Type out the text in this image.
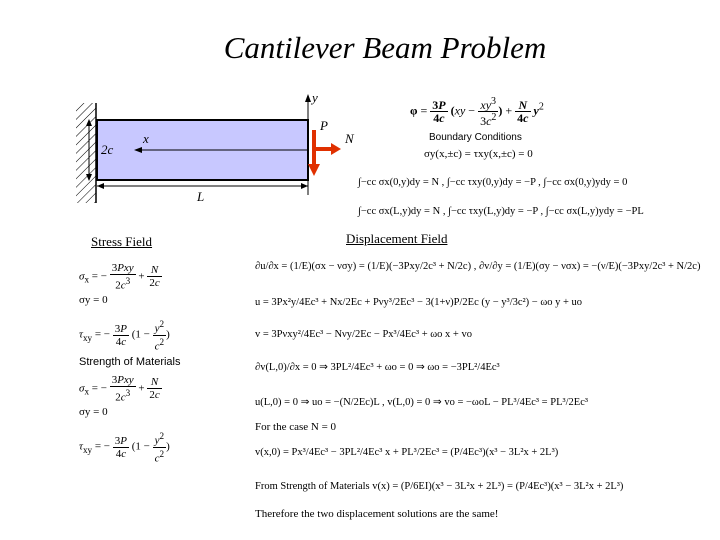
Cantilever Beam Problem
y
x
P
N
2c
L
$\varphi = \frac{3P}{4c} (xy - \frac{xy^3}{3c^2}$ ) + $\frac{N}{4c} y^2$
Boundary Conditions
σy(x,±c) = τxy(x,±c) = 0
∫−cc σx(0,y)dy = N , ∫−cc τxy(0,y)dy = −P , ∫−cc σx(0,y)ydy = 0
∫−cc σx(L,y)dy = N , ∫−cc τxy(L,y)dy = −P , ∫−cc σx(L,y)ydy = −PL
Stress Field
$\sigma_x$ = −
3Pxy
$2c^3 + \frac{N}{2c}$
σy = 0
$\tau_{xy}$ = − $\frac{3P}{4c} (1 - \frac{y^2}{c^2}$ )
Strength of Materials
$\sigma_x$ = −
3Pxy
$2c^3 + \frac{N}{2c}$
σy = 0
$\tau_{xy}$ = − $\frac{3P}{4c} (1 - \frac{y^2}{c^2}$ )
Displacement Field
∂u/∂x = (1/E)(σx − νσy) = (1/E)(−3Pxy/2c³ + N/2c) , ∂v/∂y = (1/E)(σy − νσx) = −(ν/E)(−3Pxy/2c³ + N/2c)
u = 3Px²y/4Ec³ + Nx/2Ec + Pνy³/2Ec³ − 3(1+ν)P/2Ec (y − y³/3c²) − ωo y + uo
v = 3Pνxy²/4Ec³ − Nνy/2Ec − Px³/4Ec³ + ωo x + vo
∂v(L,0)/∂x = 0 ⇒ 3PL²/4Ec³ + ωo = 0 ⇒ ωo = −3PL²/4Ec³
u(L,0) = 0 ⇒ uo = −(N/2Ec)L , v(L,0) = 0 ⇒ vo = −ωoL − PL³/4Ec³ = PL³/2Ec³
For the case N = 0
v(x,0) = Px³/4Ec³ − 3PL²/4Ec³ x + PL³/2Ec³ = (P/4Ec³)(x³ − 3L²x + 2L³)
From Strength of Materials v(x) = (P/6EI)(x³ − 3L²x + 2L³) = (P/4Ec³)(x³ − 3L²x + 2L³)
Therefore the two displacement solutions are the same!
